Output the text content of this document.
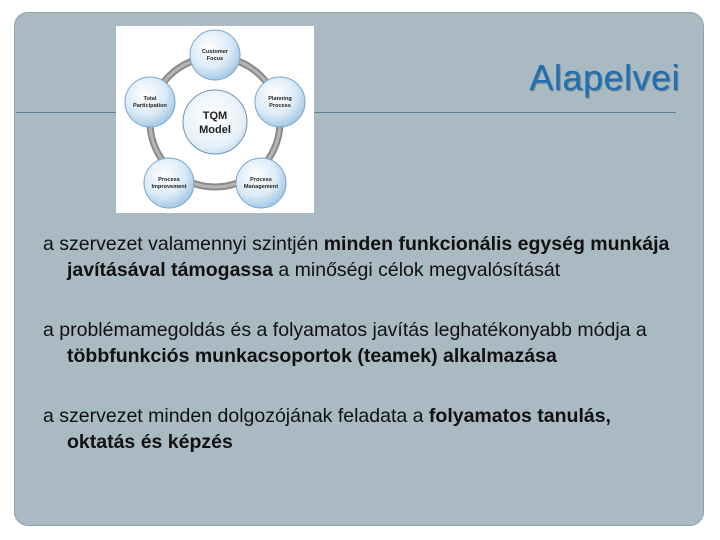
TQM
Model
Customer
Focus
Planning
Process
Process
Management
Process
Improvement
Total
Participation
Alapelvei

a szervezet valamennyi szintjén minden funkcionális egység munkája javításával támogassa a minőségi célok megvalósítását

a problémamegoldás és a folyamatos javítás leghatékonyabb módja a többfunkciós munkacsoportok (teamek) alkalmazása

a szervezet minden dolgozójának feladata a folyamatos tanulás, oktatás és képzés
